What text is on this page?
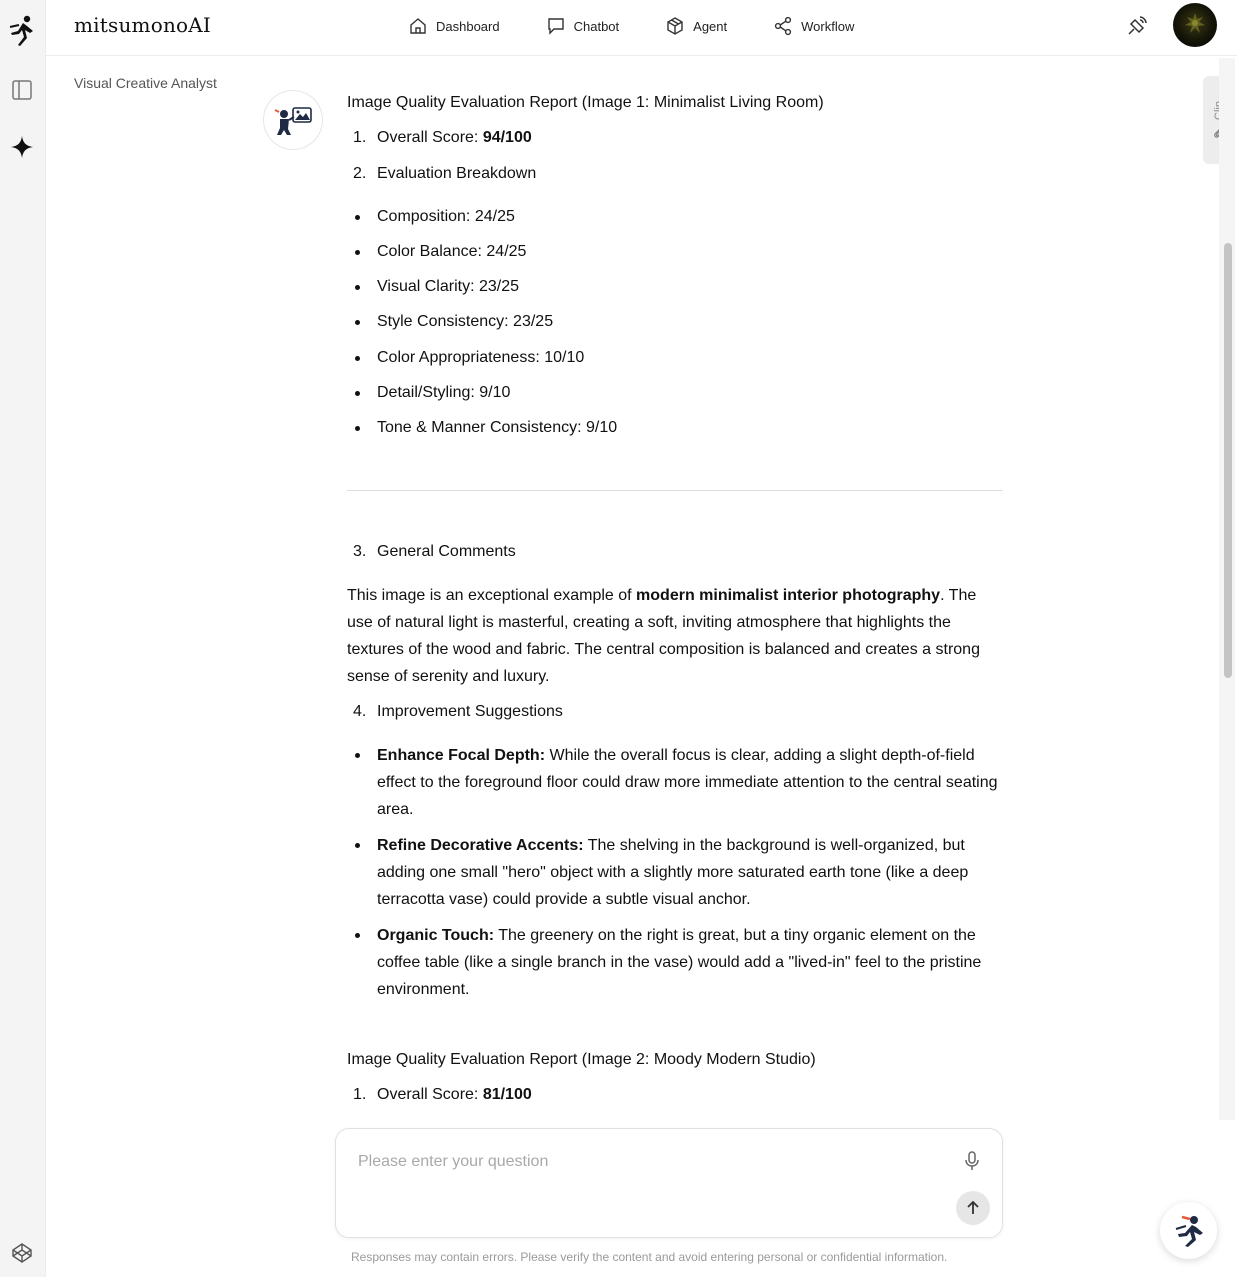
mitsumonoAI	Dashboard	Chatbot	Agent	Workflow
Visual Creative Analyst
Image Quality Evaluation Report (Image 1: Minimalist Living Room)
1. Overall Score: 94/100
2. Evaluation Breakdown
Composition: 24/25
Color Balance: 24/25
Visual Clarity: 23/25
Style Consistency: 23/25
Color Appropriateness: 10/10
Detail/Styling: 9/10
Tone & Manner Consistency: 9/10
3. General Comments

This image is an exceptional example of modern minimalist interior photography. The use of natural light is masterful, creating a soft, inviting atmosphere that highlights the textures of the wood and fabric. The central composition is balanced and creates a strong sense of serenity and luxury.

4. Improvement Suggestions

Enhance Focal Depth: While the overall focus is clear, adding a slight depth-of-field effect to the foreground floor could draw more immediate attention to the central seating area.

Refine Decorative Accents: The shelving in the background is well-organized, but adding one small "hero" object with a slightly more saturated earth tone (like a deep terracotta vase) could provide a subtle visual anchor.

Organic Touch: The greenery on the right is great, but a tiny organic element on the coffee table (like a single branch in the vase) would add a "lived-in" feel to the pristine environment.

Image Quality Evaluation Report (Image 2: Moody Modern Studio)
1. Overall Score: 81/100
Please enter your question
Responses may contain errors. Please verify the content and avoid entering personal or confidential information.
